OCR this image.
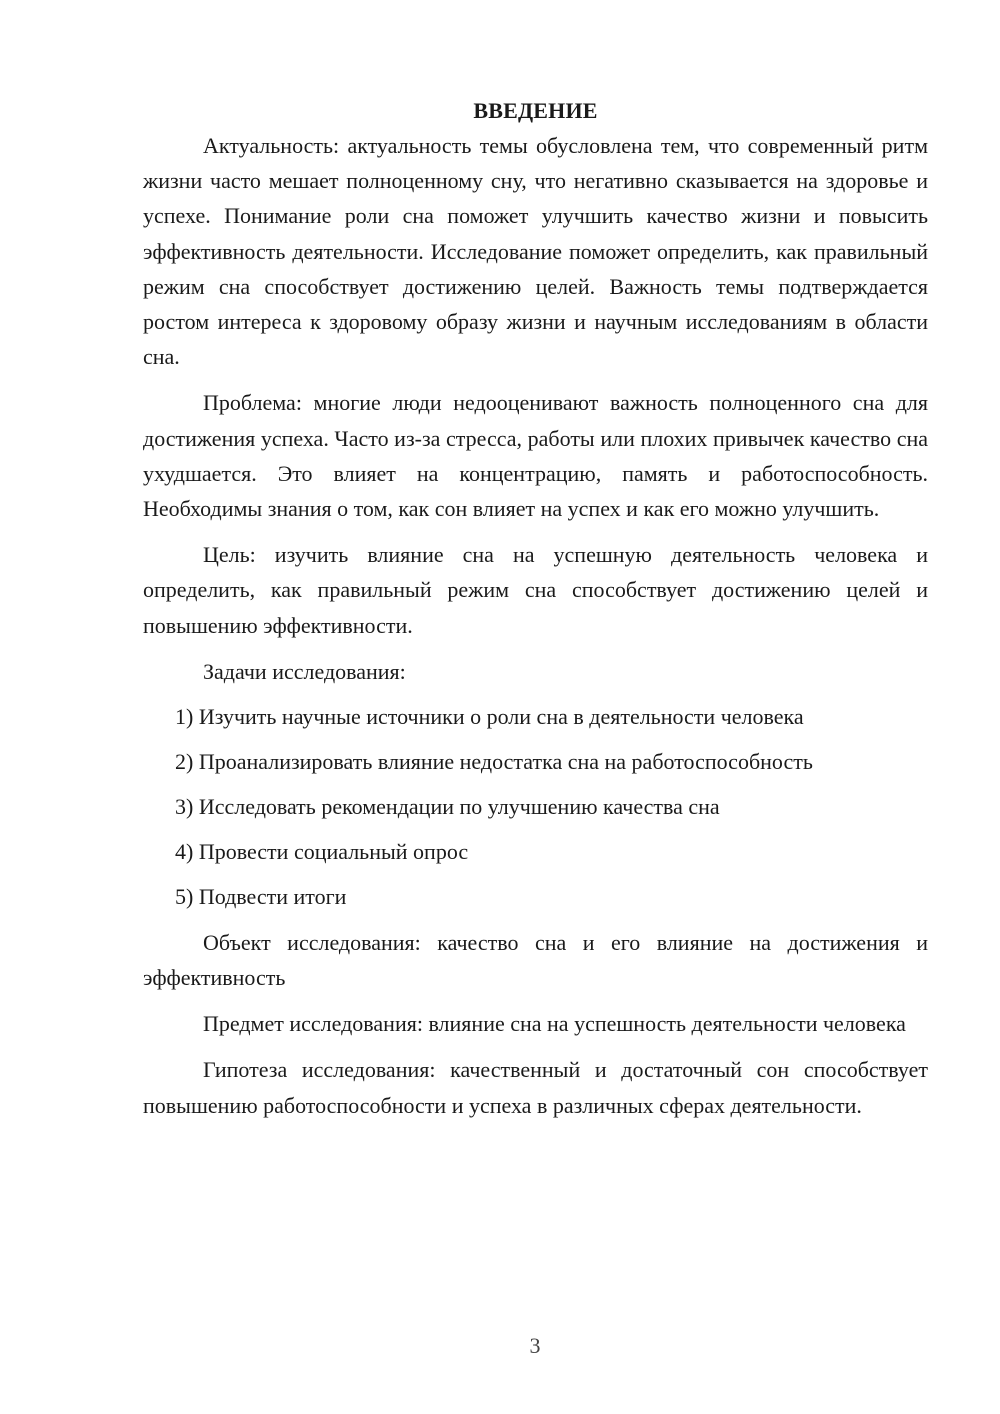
ВВЕДЕНИЕ

Актуальность: актуальность темы обусловлена тем, что современный ритм жизни часто мешает полноценному сну, что негативно сказывается на здоровье и успехе. Понимание роли сна поможет улучшить качество жизни и повысить эффективность деятельности. Исследование поможет определить, как правильный режим сна способствует достижению целей. Важность темы подтверждается ростом интереса к здоровому образу жизни и научным исследованиям в области сна.

Проблема: многие люди недооценивают важность полноценного сна для достижения успеха. Часто из-за стресса, работы или плохих привычек качество сна ухудшается. Это влияет на концентрацию, память и работоспособность. Необходимы знания о том, как сон влияет на успех и как его можно улучшить.

Цель: изучить влияние сна на успешную деятельность человека и определить, как правильный режим сна способствует достижению целей и повышению эффективности.

Задачи исследования:

1) Изучить научные источники о роли сна в деятельности человека
2) Проанализировать влияние недостатка сна на работоспособность
3) Исследовать рекомендации по улучшению качества сна
4) Провести социальный опрос
5) Подвести итоги

Объект исследования: качество сна и его влияние на достижения и эффективность

Предмет исследования: влияние сна на успешность деятельности человека

Гипотеза исследования: качественный и достаточный сон способствует повышению работоспособности и успеха в различных сферах деятельности.

3
